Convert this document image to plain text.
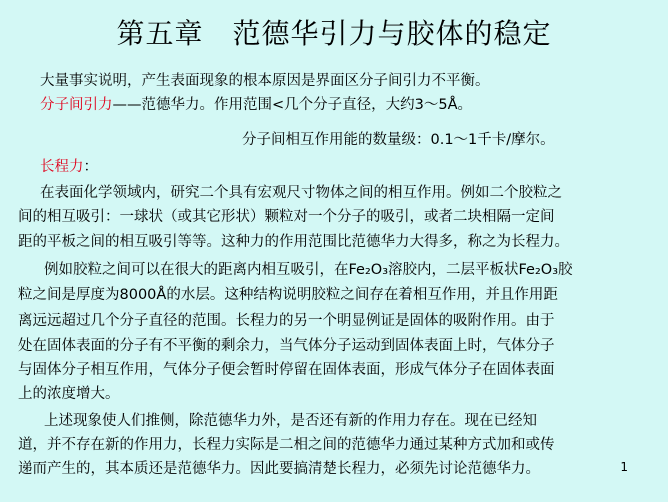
第五章　范德华引力与胶体的稳定
大量事实说明，产生表面现象的根本原因是界面区分子间引力不平衡。
分子间引力——范德华力。作用范围<几个分子直径，大约3～5Å。
分子间相互作用能的数量级：0.1～1千卡/摩尔。
长程力：
在表面化学领域内，研究二个具有宏观尺寸物体之间的相互作用。例如二个胶粒之
间的相互吸引：一球状（或其它形状）颗粒对一个分子的吸引，或者二块相隔一定间
距的平板之间的相互吸引等等。这种力的作用范围比范德华力大得多，称之为长程力。
例如胶粒之间可以在很大的距离内相互吸引，在Fe₂O₃溶胶内，二层平板状Fe₂O₃胶
粒之间是厚度为8000Å的水层。这种结构说明胶粒之间存在着相互作用，并且作用距
离远远超过几个分子直径的范围。长程力的另一个明显例证是固体的吸附作用。由于
处在固体表面的分子有不平衡的剩余力，当气体分子运动到固体表面上时，气体分子
与固体分子相互作用，气体分子便会暂时停留在固体表面，形成气体分子在固体表面
上的浓度增大。
上述现象使人们推侧，除范德华力外，是否还有新的作用力存在。现在已经知
道，并不存在新的作用力，长程力实际是二相之间的范德华力通过某种方式加和或传
递而产生的，其本质还是范德华力。因此要搞清楚长程力，必须先讨论范德华力。	1
